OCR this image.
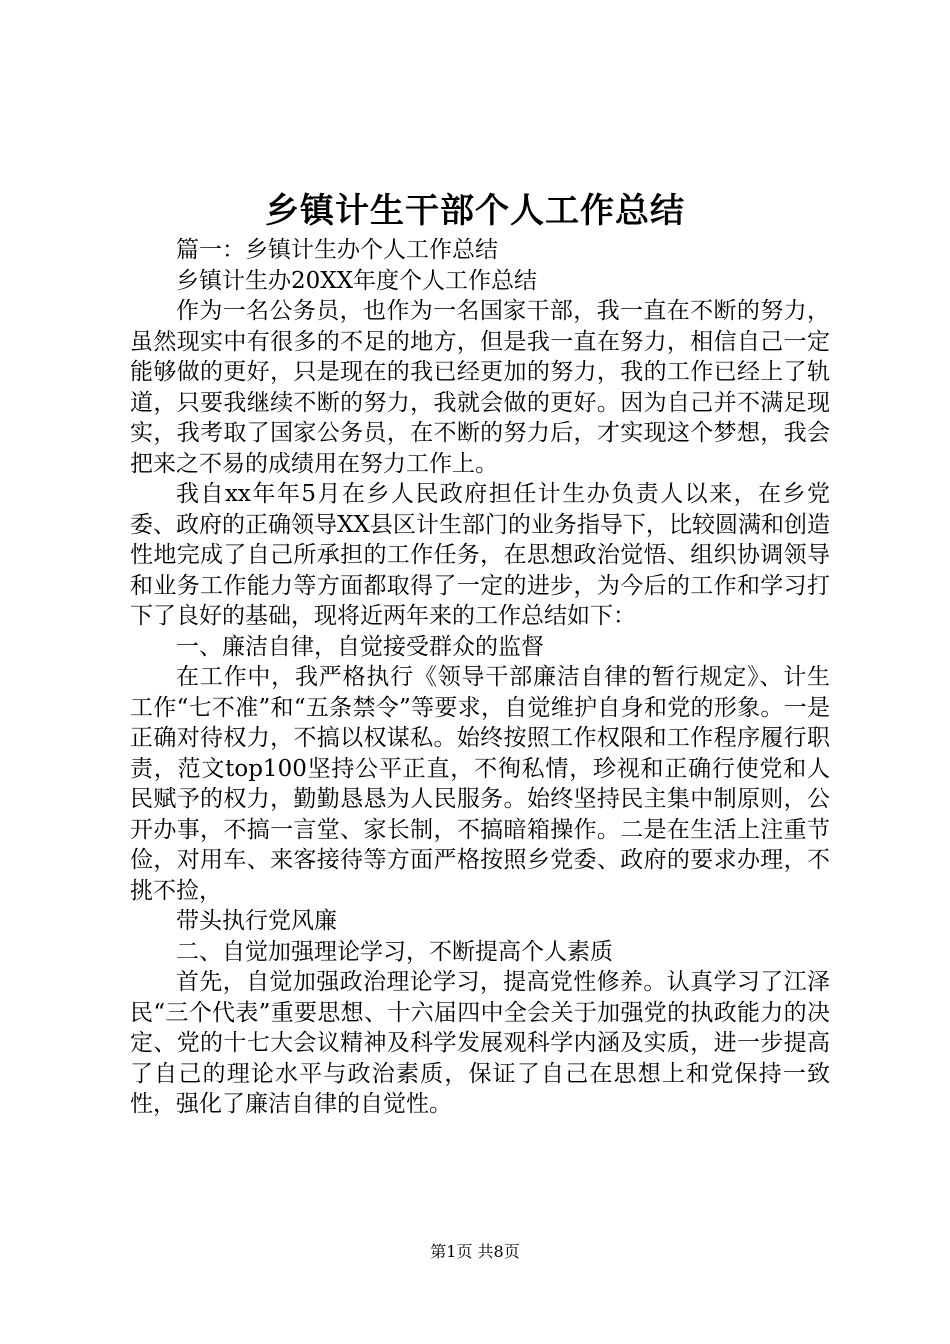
乡镇计生干部个人工作总结

篇一：乡镇计生办个人工作总结

乡镇计生办20XX年度个人工作总结

作为一名公务员，也作为一名国家干部，我一直在不断的努力，虽然现实中有很多的不足的地方，但是我一直在努力，相信自己一定能够做的更好，只是现在的我已经更加的努力，我的工作已经上了轨道，只要我继续不断的努力，我就会做的更好。因为自己并不满足现实，我考取了国家公务员，在不断的努力后，才实现这个梦想，我会把来之不易的成绩用在努力工作上。

我自xx年年5月在乡人民政府担任计生办负责人以来，在乡党委、政府的正确领导XX县区计生部门的业务指导下，比较圆满和创造性地完成了自己所承担的工作任务，在思想政治觉悟、组织协调领导和业务工作能力等方面都取得了一定的进步，为今后的工作和学习打下了良好的基础，现将近两年来的工作总结如下：

一、廉洁自律，自觉接受群众的监督

在工作中，我严格执行《领导干部廉洁自律的暂行规定》、计生工作“七不准”和“五条禁令”等要求，自觉维护自身和党的形象。一是正确对待权力，不搞以权谋私。始终按照工作权限和工作程序履行职责，范文top100坚持公平正直，不徇私情，珍视和正确行使党和人民赋予的权力，勤勤恳恳为人民服务。始终坚持民主集中制原则，公开办事，不搞一言堂、家长制，不搞暗箱操作。二是在生活上注重节俭，对用车、来客接待等方面严格按照乡党委、政府的要求办理，不挑不捡，

带头执行党风廉

二、自觉加强理论学习，不断提高个人素质

首先，自觉加强政治理论学习，提高党性修养。认真学习了江泽民“三个代表”重要思想、十六届四中全会关于加强党的执政能力的决定、党的十七大会议精神及科学发展观科学内涵及实质，进一步提高了自己的理论水平与政治素质，保证了自己在思想上和党保持一致性，强化了廉洁自律的自觉性。

第1页 共8页
